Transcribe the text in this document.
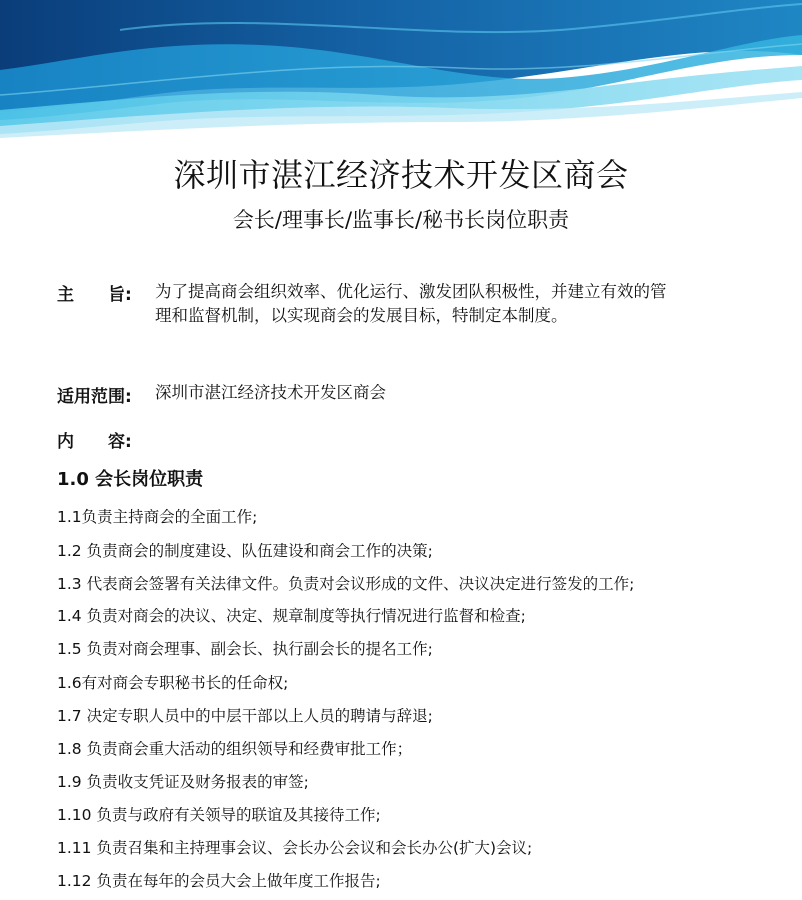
深圳市湛江经济技术开发区商会
会长/理事长/监事长/秘书长岗位职责
主　　旨: 为了提高商会组织效率、优化运行、激发团队积极性，并建立有效的管
理和监督机制，以实现商会的发展目标，特制定本制度。
适用范围: 深圳市湛江经济技术开发区商会
内　　容:
1.0 会长岗位职责
1.1负责主持商会的全面工作;
1.2 负责商会的制度建设、队伍建设和商会工作的决策;
1.3 代表商会签署有关法律文件。负责对会议形成的文件、决议决定进行签发的工作;
1.4 负责对商会的决议、决定、规章制度等执行情况进行监督和检查;
1.5 负责对商会理事、副会长、执行副会长的提名工作;
1.6有对商会专职秘书长的任命权;
1.7 决定专职人员中的中层干部以上人员的聘请与辞退;
1.8 负责商会重大活动的组织领导和经费审批工作；
1.9 负责收支凭证及财务报表的审签;
1.10 负责与政府有关领导的联谊及其接待工作;
1.11 负责召集和主持理事会议、会长办公会议和会长办公(扩大)会议;
1.12 负责在每年的会员大会上做年度工作报告;
